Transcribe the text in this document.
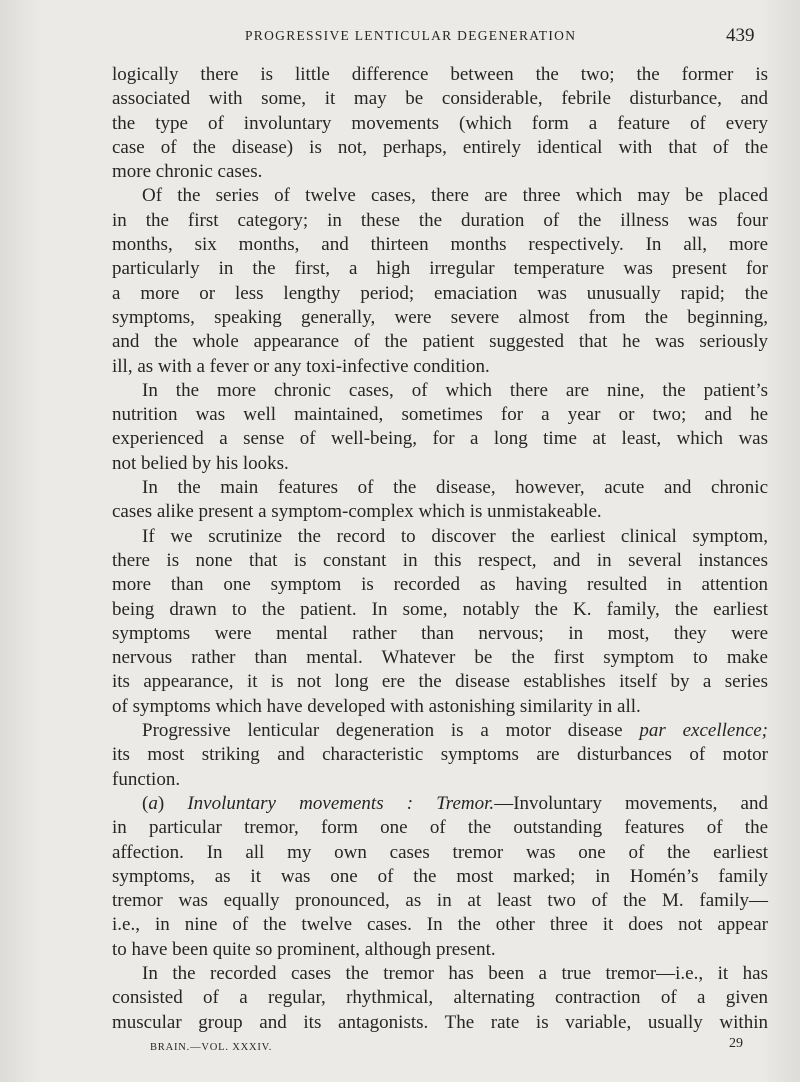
PROGRESSIVE LENTICULAR DEGENERATION	439
logically there is little difference between the two; the former is
associated with some, it may be considerable, febrile disturbance, and
the type of involuntary movements (which form a feature of every
case of the disease) is not, perhaps, entirely identical with that of the
more chronic cases.
Of the series of twelve cases, there are three which may be placed
in the first category; in these the duration of the illness was four
months, six months, and thirteen months respectively. In all, more
particularly in the first, a high irregular temperature was present for
a more or less lengthy period; emaciation was unusually rapid; the
symptoms, speaking generally, were severe almost from the beginning,
and the whole appearance of the patient suggested that he was seriously
ill, as with a fever or any toxi-infective condition.
In the more chronic cases, of which there are nine, the patient’s
nutrition was well maintained, sometimes for a year or two; and he
experienced a sense of well-being, for a long time at least, which was
not belied by his looks.
In the main features of the disease, however, acute and chronic
cases alike present a symptom-complex which is unmistakeable.
If we scrutinize the record to discover the earliest clinical symptom,
there is none that is constant in this respect, and in several instances
more than one symptom is recorded as having resulted in attention
being drawn to the patient. In some, notably the K. family, the earliest
symptoms were mental rather than nervous; in most, they were
nervous rather than mental. Whatever be the first symptom to make
its appearance, it is not long ere the disease establishes itself by a series
of symptoms which have developed with astonishing similarity in all.
Progressive lenticular degeneration is a motor disease par excellence;
its most striking and characteristic symptoms are disturbances of motor
function.
(a) Involuntary movements : Tremor.—Involuntary movements, and
in particular tremor, form one of the outstanding features of the
affection. In all my own cases tremor was one of the earliest
symptoms, as it was one of the most marked; in Homén’s family
tremor was equally pronounced, as in at least two of the M. family—
i.e., in nine of the twelve cases. In the other three it does not appear
to have been quite so prominent, although present.
In the recorded cases the tremor has been a true tremor—i.e., it has
consisted of a regular, rhythmical, alternating contraction of a given
muscular group and its antagonists. The rate is variable, usually within
BRAIN.—VOL. XXXIV.	29
